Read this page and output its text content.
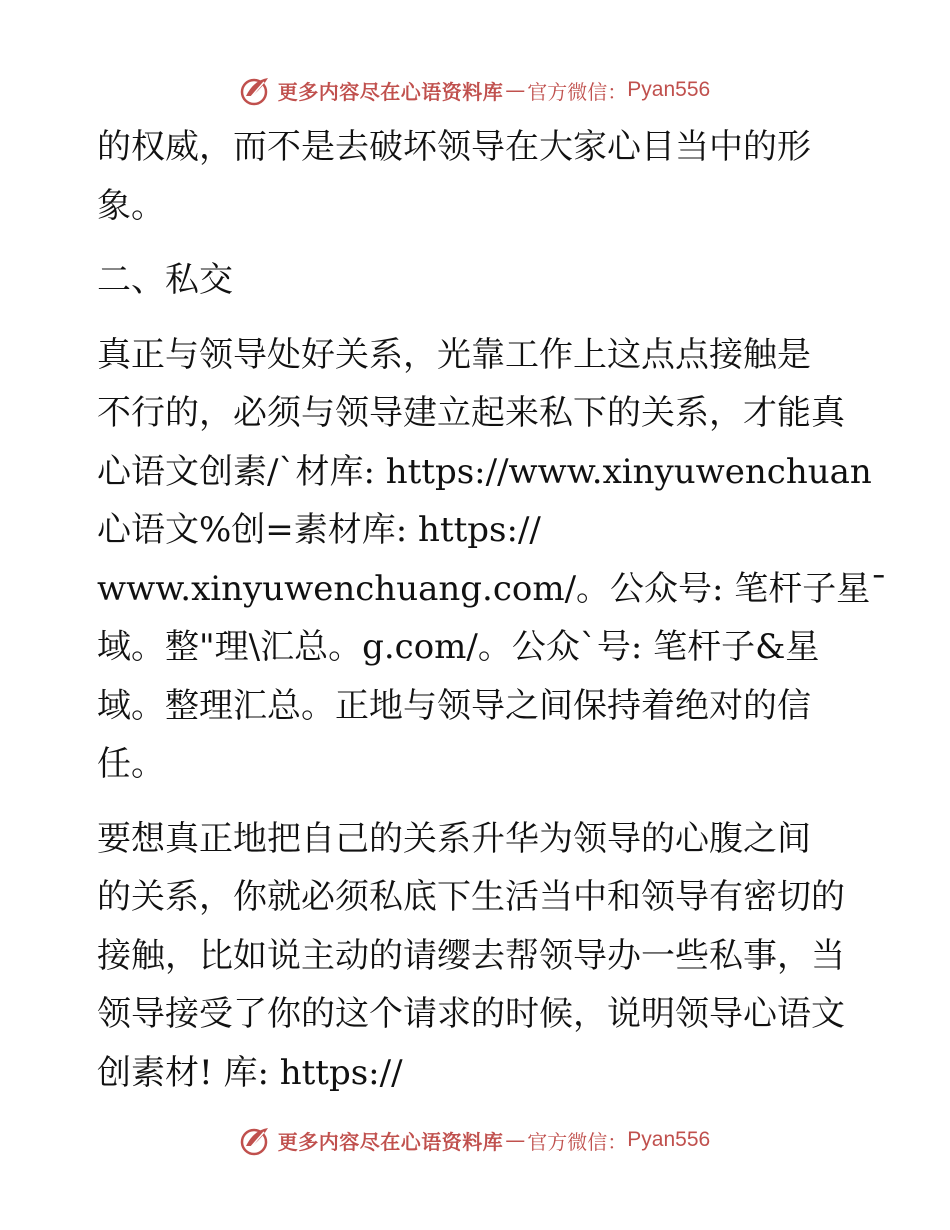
更多内容尽在心语资料库 — 官方微信： Pyan556
的权威，而不是去破坏领导在大家心目当中的形
象。
二、私交
真正与领导处好关系，光靠工作上这点点接触是
不行的，必须与领导建立起来私下的关系，才能真
心语文创素/`材库: https://www.xinyuwenchuan
心语文%创=素材库: https://
www.xinyuwenchuang.com/。公众号: 笔杆子星¯
域。整"理\汇总。g.com/。公众`号: 笔杆子&星
域。整理汇总。正地与领导之间保持着绝对的信
任。
要想真正地把自己的关系升华为领导的心腹之间
的关系，你就必须私底下生活当中和领导有密切的
接触，比如说主动的请缨去帮领导办一些私事，当
领导接受了你的这个请求的时候，说明领导心语文
创素材! 库: https://
更多内容尽在心语资料库 — 官方微信： Pyan556
